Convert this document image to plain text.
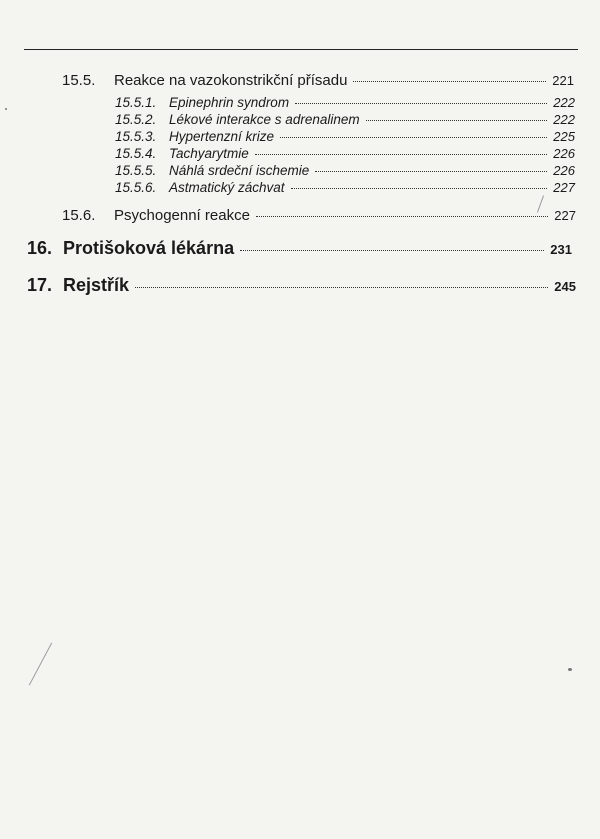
15.5.	Reakce na vazokonstrikční přísadu	221
15.5.1. Epinephrin syndrom	222
15.5.2. Lékové interakce s adrenalinem	222
15.5.3. Hypertenzní krize	225
15.5.4. Tachyarytmie	226
15.5.5. Náhlá srdeční ischemie	226
15.5.6. Astmatický záchvat	227
15.6.	Psychogenní reakce	227
16. Protišoková lékárna	231
17. Rejstřík	245
